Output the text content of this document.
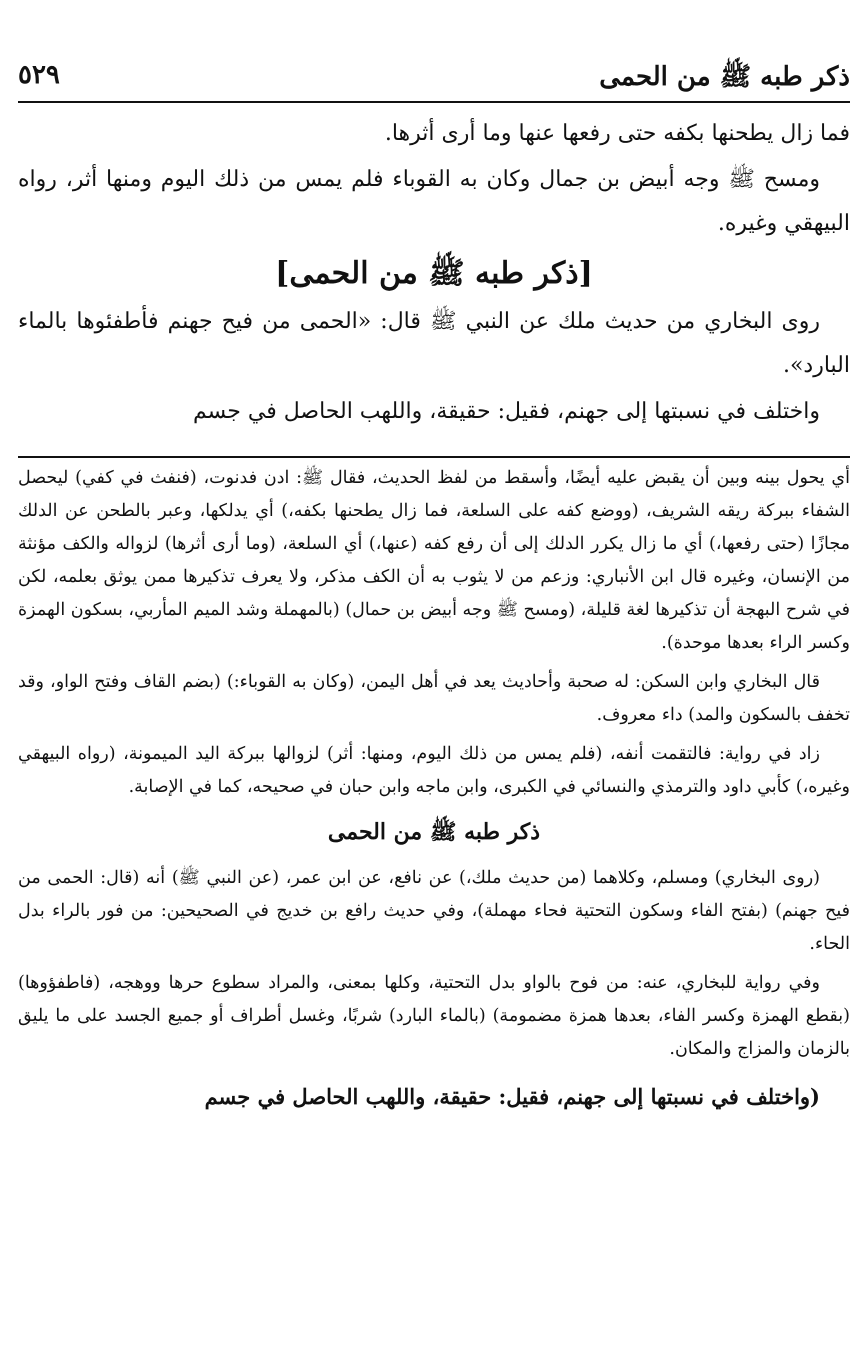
ذكر طبه ﷺ من الحمى
٥٢٩

فما زال يطحنها بكفه حتى رفعها عنها وما أرى أثرها.

ومسح ﷺ وجه أبيض بن جمال وكان به القوباء فلم يمس من ذلك اليوم ومنها أثر، رواه البيهقي وغيره.

[ذكر طبه ﷺ من الحمى]

روى البخاري من حديث ملك عن النبي ﷺ قال: «الحمى من فيح جهنم فأطفئوها بالماء البارد».

واختلف في نسبتها إلى جهنم، فقيل: حقيقة، واللهب الحاصل في جسم

أي يحول بينه وبين أن يقبض عليه أيضًا، وأسقط من لفظ الحديث، فقال ﷺ: ادن فدنوت، (فنفث في كفي) ليحصل الشفاء ببركة ريقه الشريف، (ووضع كفه على السلعة، فما زال يطحنها بكفه،) أي يدلكها، وعبر بالطحن عن الدلك مجازًا (حتى رفعها،) أي ما زال يكرر الدلك إلى أن رفع كفه (عنها،) أي السلعة، (وما أرى أثرها) لزواله والكف مؤنثة من الإنسان، وغيره قال ابن الأنباري: وزعم من لا يثوب به أن الكف مذكر، ولا يعرف تذكيرها ممن يوثق بعلمه، لكن في شرح البهجة أن تذكيرها لغة قليلة، (ومسح ﷺ وجه أبيض بن حمال) (بالمهملة وشد الميم المأربي، بسكون الهمزة وكسر الراء بعدها موحدة).

قال البخاري وابن السكن: له صحبة وأحاديث يعد في أهل اليمن، (وكان به القوباء:) (بضم القاف وفتح الواو، وقد تخفف بالسكون والمد) داء معروف.

زاد في رواية: فالتقمت أنفه، (فلم يمس من ذلك اليوم، ومنها: أثر) لزوالها ببركة اليد الميمونة، (رواه البيهقي وغيره،) كأبي داود والترمذي والنسائي في الكبرى، وابن ماجه وابن حبان في صحيحه، كما في الإصابة.

ذكر طبه ﷺ من الحمى

(روى البخاري) ومسلم، وكلاهما (من حديث ملك،) عن نافع، عن ابن عمر، (عن النبي ﷺ) أنه (قال: الحمى من فيح جهنم) (بفتح الفاء وسكون التحتية فحاء مهملة)، وفي حديث رافع بن خديج في الصحيحين: من فور بالراء بدل الحاء.

وفي رواية للبخاري، عنه: من فوح بالواو بدل التحتية، وكلها بمعنى، والمراد سطوع حرها ووهجه، (فاطفؤوها) (بقطع الهمزة وكسر الفاء، بعدها همزة مضمومة) (بالماء البارد) شربًا، وغسل أطراف أو جميع الجسد على ما يليق بالزمان والمزاج والمكان.

(واختلف في نسبتها إلى جهنم، فقيل: حقيقة، واللهب الحاصل في جسم
